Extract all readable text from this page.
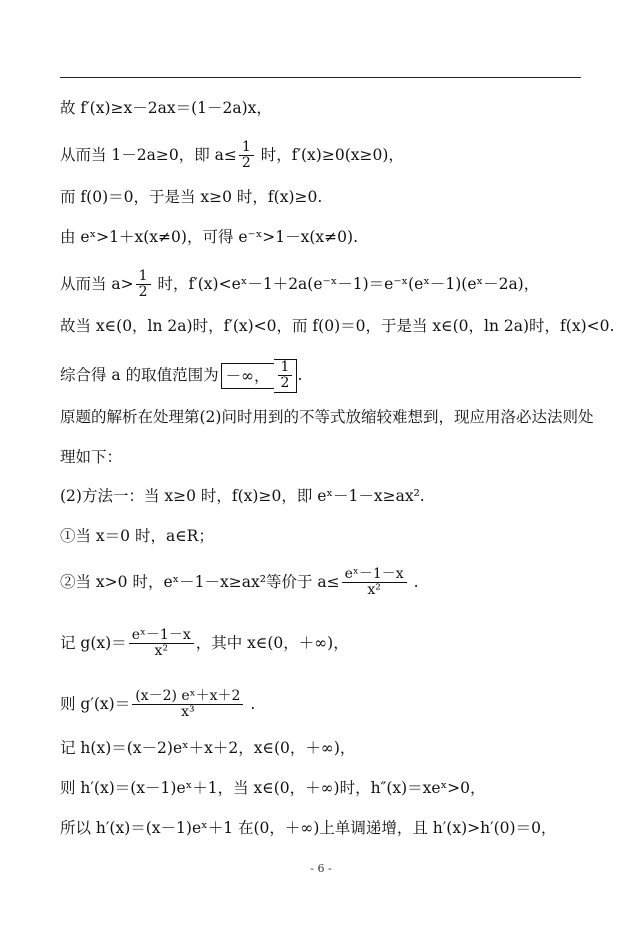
故 f′(x)≥x－2ax＝(1－2a)x，
从而当 1－2a≥0，即 $a\le \frac{1}{2}$ 时，f′(x)≥0(x≥0)，
而 f(0)＝0，于是当 x≥0 时，f(x)≥0.
由 eˣ>1＋x(x≠0)，可得 e⁻ˣ>1－x(x≠0).
从而当 $a> \frac{1}{2}$ 时，f′(x)<eˣ－1＋2a(e⁻ˣ－1)＝e⁻ˣ(eˣ－1)(eˣ－2a)，
故当 x∈(0，ln 2a)时，f′(x)<0，而 f(0)＝0，于是当 x∈(0，ln 2a)时，f(x)<0.
综合得 a 的取值范围为 －∞， $\frac{1}{2}$ .
原题的解析在处理第(2)问时用到的不等式放缩较难想到，现应用洛必达法则处
理如下：
(2)方法一：当 x≥0 时，f(x)≥0，即 eˣ－1－x≥ax².
①当 x＝0 时，a∈R；
②当 x>0 时，eˣ－1－x≥ax²等价于 $a\le \frac{\text{eˣ－1－x}}{\text{x²}}$ .
记 $g(x)= \frac{\text{eˣ－1－x}}{\text{x²}}$ ，其中 x∈(0，＋∞)，
则 $g'(x)= \frac{\text{(x－2) eˣ＋x＋2}}{\text{x³}}$ .
记 h(x)＝(x－2)eˣ＋x＋2，x∈(0，＋∞)，
则 h′(x)＝(x－1)eˣ＋1，当 x∈(0，＋∞)时，h″(x)＝xeˣ>0，
所以 h′(x)＝(x－1)eˣ＋1 在(0，＋∞)上单调递增，且 h′(x)>h′(0)＝0，
- 6 -
